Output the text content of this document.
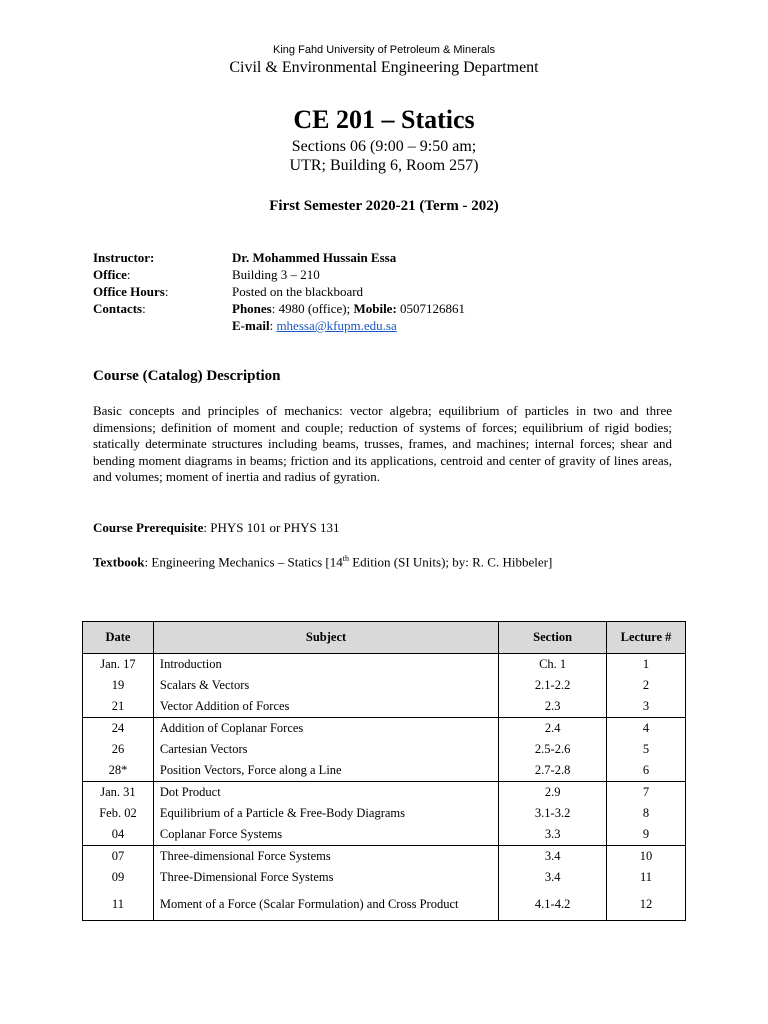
King Fahd University of Petroleum & Minerals
Civil & Environmental Engineering Department
CE 201 – Statics
Sections 06 (9:00 – 9:50 am;
UTR; Building 6, Room 257)
First Semester 2020-21 (Term - 202)
Instructor:	Dr. Mohammed Hussain Essa
Office:	Building 3 – 210
Office Hours:	Posted on the blackboard
Contacts:	Phones: 4980 (office); Mobile: 0507126861
E-mail: mhessa@kfupm.edu.sa
Course (Catalog) Description

Basic concepts and principles of mechanics: vector algebra; equilibrium of particles in two and three dimensions; definition of moment and couple; reduction of systems of forces; equilibrium of rigid bodies; statically determinate structures including beams, trusses, frames, and machines; internal forces; shear and bending moment diagrams in beams; friction and its applications, centroid and center of gravity of lines areas, and volumes; moment of inertia and radius of gyration.

Course Prerequisite: PHYS 101 or PHYS 131
Textbook: Engineering Mechanics – Statics [14th Edition (SI Units); by: R. C. Hibbeler]
Date	Subject	Section	Lecture #
Jan. 17	Introduction	Ch. 1	1
19	Scalars & Vectors	2.1-2.2	2
21	Vector Addition of Forces	2.3	3
24	Addition of Coplanar Forces	2.4	4
26	Cartesian Vectors	2.5-2.6	5
28*	Position Vectors, Force along a Line	2.7-2.8	6
Jan. 31	Dot Product	2.9	7
Feb. 02	Equilibrium of a Particle & Free-Body Diagrams	3.1-3.2	8
04	Coplanar Force Systems	3.3	9
07	Three-dimensional Force Systems	3.4	10
09	Three-Dimensional Force Systems	3.4	11
11	Moment of a Force (Scalar Formulation) and Cross Product	4.1-4.2	12
